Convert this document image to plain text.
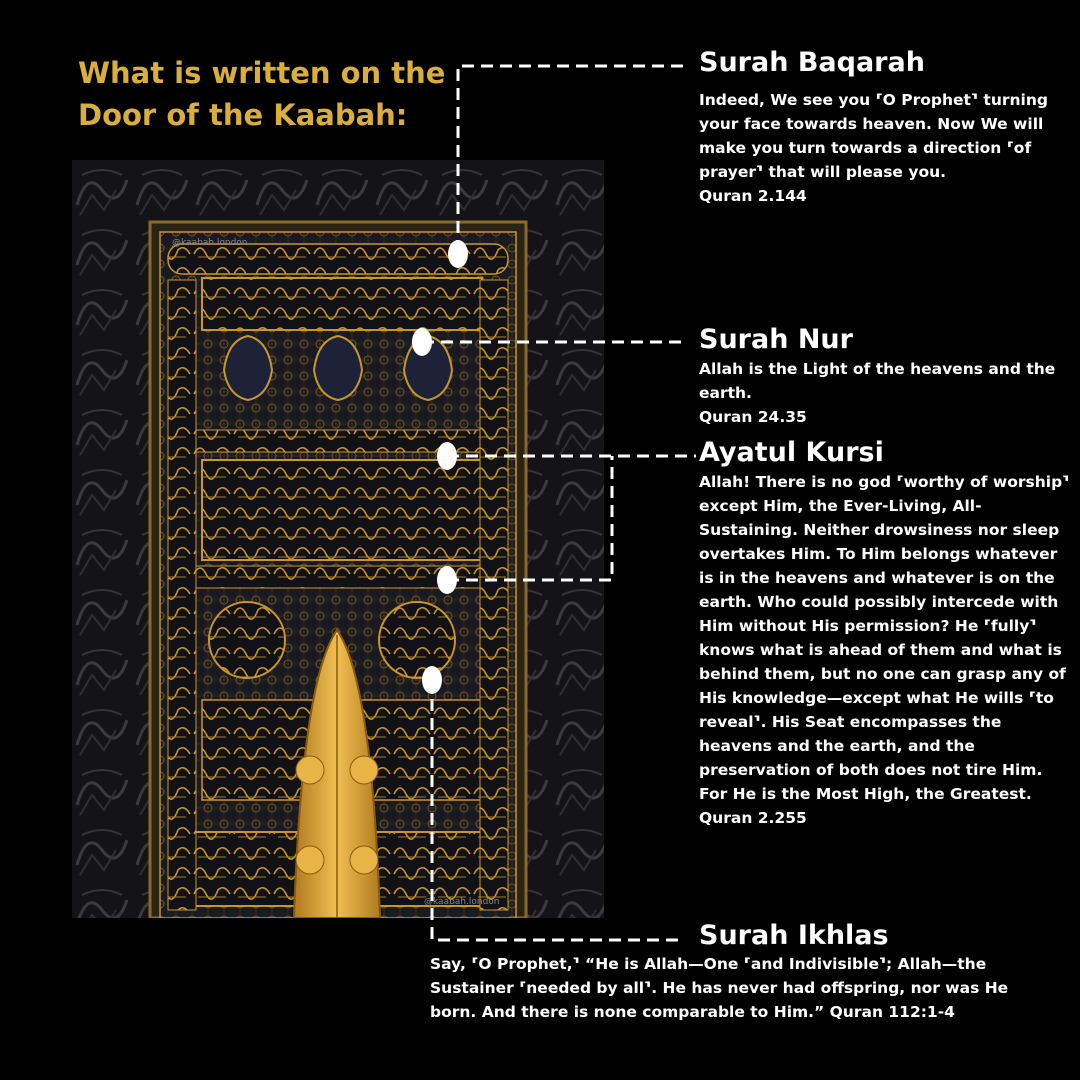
What is written on the
Door of the Kaabah:
@kaabah.london
@kaabah.london
Surah Baqarah

Indeed, We see you ⸢O Prophet⸣ turning your face towards heaven. Now We will make you turn towards a direction ⸢of prayer⸣ that will please you.

Quran 2.144

Surah Nur

Allah is the Light of the heavens and the earth.

Quran 24.35

Ayatul Kursi

Allah! There is no god ⸢worthy of worship⸣ except Him, the Ever-Living, All-Sustaining. Neither drowsiness nor sleep overtakes Him. To Him belongs whatever is in the heavens and whatever is on the earth. Who could possibly intercede with Him without His permission? He ⸢fully⸣ knows what is ahead of them and what is behind them, but no one can grasp any of His knowledge—except what He wills ⸢to reveal⸣. His Seat encompasses the heavens and the earth, and the preservation of both does not tire Him. For He is the Most High, the Greatest. Quran 2.255

Surah Ikhlas

Say, ⸢O Prophet,⸣ “He is Allah—One ⸢and Indivisible⸣; Allah—the Sustainer ⸢needed by all⸣. He has never had offspring, nor was He born. And there is none comparable to Him.” Quran 112:1-4
